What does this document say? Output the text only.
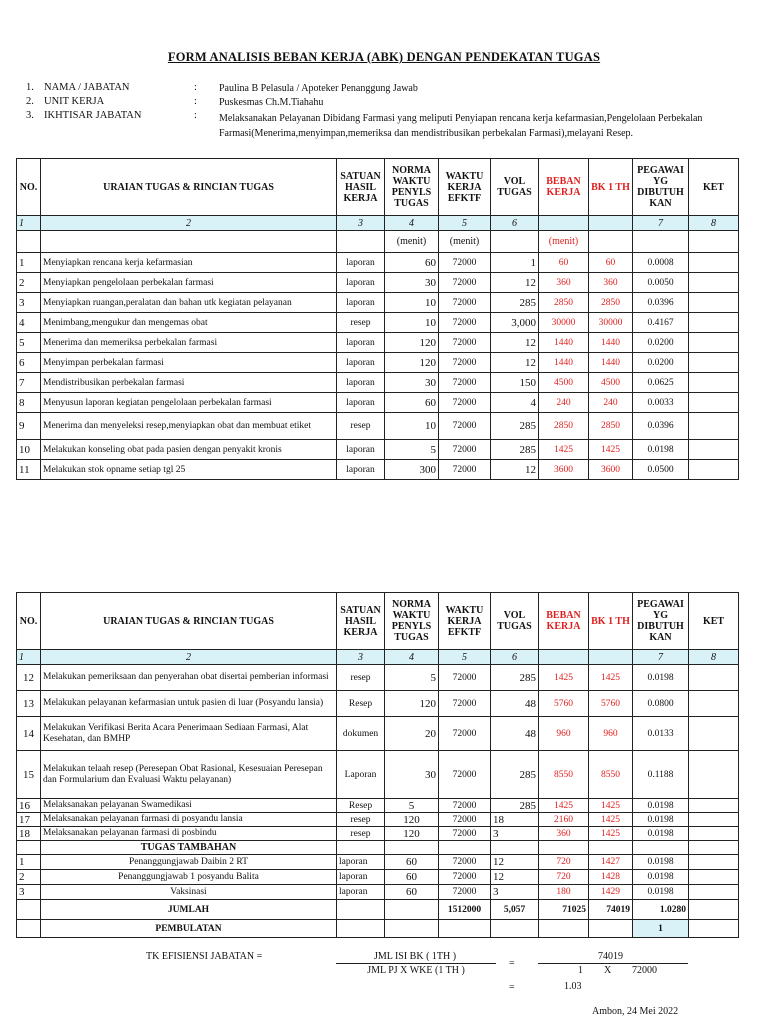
FORM ANALISIS BEBAN KERJA (ABK) DENGAN PENDEKATAN TUGAS
1. NAMA / JABATAN	: Paulina B Pelasula / Apoteker Penanggung Jawab
2. UNIT KERJA	: Puskesmas Ch.M.Tiahahu
3. IKHTISAR JABATAN	: Melaksanakan Pelayanan Dibidang Farmasi yang meliputi Penyiapan rencana kerja kefarmasian,Pengelolaan Perbekalan Farmasi(Menerima,menyimpan,memeriksa dan mendistribusikan perbekalan Farmasi),melayani Resep.
NO.	URAIAN TUGAS & RINCIAN TUGAS	SATUAN HASIL KERJA	NORMA WAKTU PENYLS TUGAS	WAKTU KERJA EFKTF	VOL TUGAS	BEBAN KERJA	BK 1 TH	PEGAWAI YG DIBUTUH KAN	KET
1	2	3	4	5	6			7	8
			(menit)	(menit)		(menit)			
1	Menyiapkan rencana kerja kefarmasian	laporan	60	72000	1	60	60	0.0008	
2	Menyiapkan pengelolaan perbekalan farmasi	laporan	30	72000	12	360	360	0.0050	
3	Menyiapkan ruangan,peralatan dan bahan utk kegiatan pelayanan	laporan	10	72000	285	2850	2850	0.0396	
4	Menimbang,mengukur dan mengemas obat	resep	10	72000	3,000	30000	30000	0.4167	
5	Menerima dan memeriksa perbekalan farmasi	laporan	120	72000	12	1440	1440	0.0200	
6	Menyimpan perbekalan farmasi	laporan	120	72000	12	1440	1440	0.0200	
7	Mendistribusikan perbekalan farmasi	laporan	30	72000	150	4500	4500	0.0625	
8	Menyusun laporan kegiatan pengelolaan perbekalan farmasi	laporan	60	72000	4	240	240	0.0033	
9	Menerima dan menyeleksi resep,menyiapkan obat dan membuat etiket	resep	10	72000	285	2850	2850	0.0396	
10	Melakukan konseling obat pada pasien dengan penyakit kronis	laporan	5	72000	285	1425	1425	0.0198	
11	Melakukan stok opname setiap tgl 25	laporan	300	72000	12	3600	3600	0.0500	
NO.	URAIAN TUGAS & RINCIAN TUGAS	SATUAN HASIL KERJA	NORMA WAKTU PENYLS TUGAS	WAKTU KERJA EFKTF	VOL TUGAS	BEBAN KERJA	BK 1 TH	PEGAWAI YG DIBUTUH KAN	KET
1	2	3	4	5	6			7	8
12	Melakukan pemeriksaan dan penyerahan obat disertai pemberian informasi	resep	5	72000	285	1425	1425	0.0198	
13	Melakukan pelayanan kefarmasian untuk pasien di luar (Posyandu lansia)	Resep	120	72000	48	5760	5760	0.0800	
14	Melakukan Verifikasi Berita Acara Penerimaan Sediaan Farmasi, Alat Kesehatan, dan BMHP	dokumen	20	72000	48	960	960	0.0133	
15	Melakukan telaah resep (Peresepan Obat Rasional, Kesesuaian Peresepan dan Formularium dan Evaluasi Waktu pelayanan)	Laporan	30	72000	285	8550	8550	0.1188	
16	Melaksanakan pelayanan Swamedikasi	Resep	5	72000	285	1425	1425	0.0198	
17	Melaksanakan pelayanan farmasi di posyandu lansia	resep	120	72000	18	2160	1425	0.0198	
18	Melaksanakan pelayanan farmasi di posbindu	resep	120	72000	3	360	1425	0.0198	
	TUGAS TAMBAHAN								
1	Penanggungjawab Daibin 2 RT	laporan	60	72000	12	720	1427	0.0198	
2	Penanggungjawab 1 posyandu Balita	laporan	60	72000	12	720	1428	0.0198	
3	Vaksinasi	laporan	60	72000	3	180	1429	0.0198	
	JUMLAH			1512000	5,057	71025	74019	1.0280	
	PEMBULATAN							1	
TK EFISIENSI JABATAN =	JML ISI BK ( 1TH )
JML PJ X WKE (1 TH )
=
74019
1 X 72000
=	1.03
Ambon, 24 Mei 2022
